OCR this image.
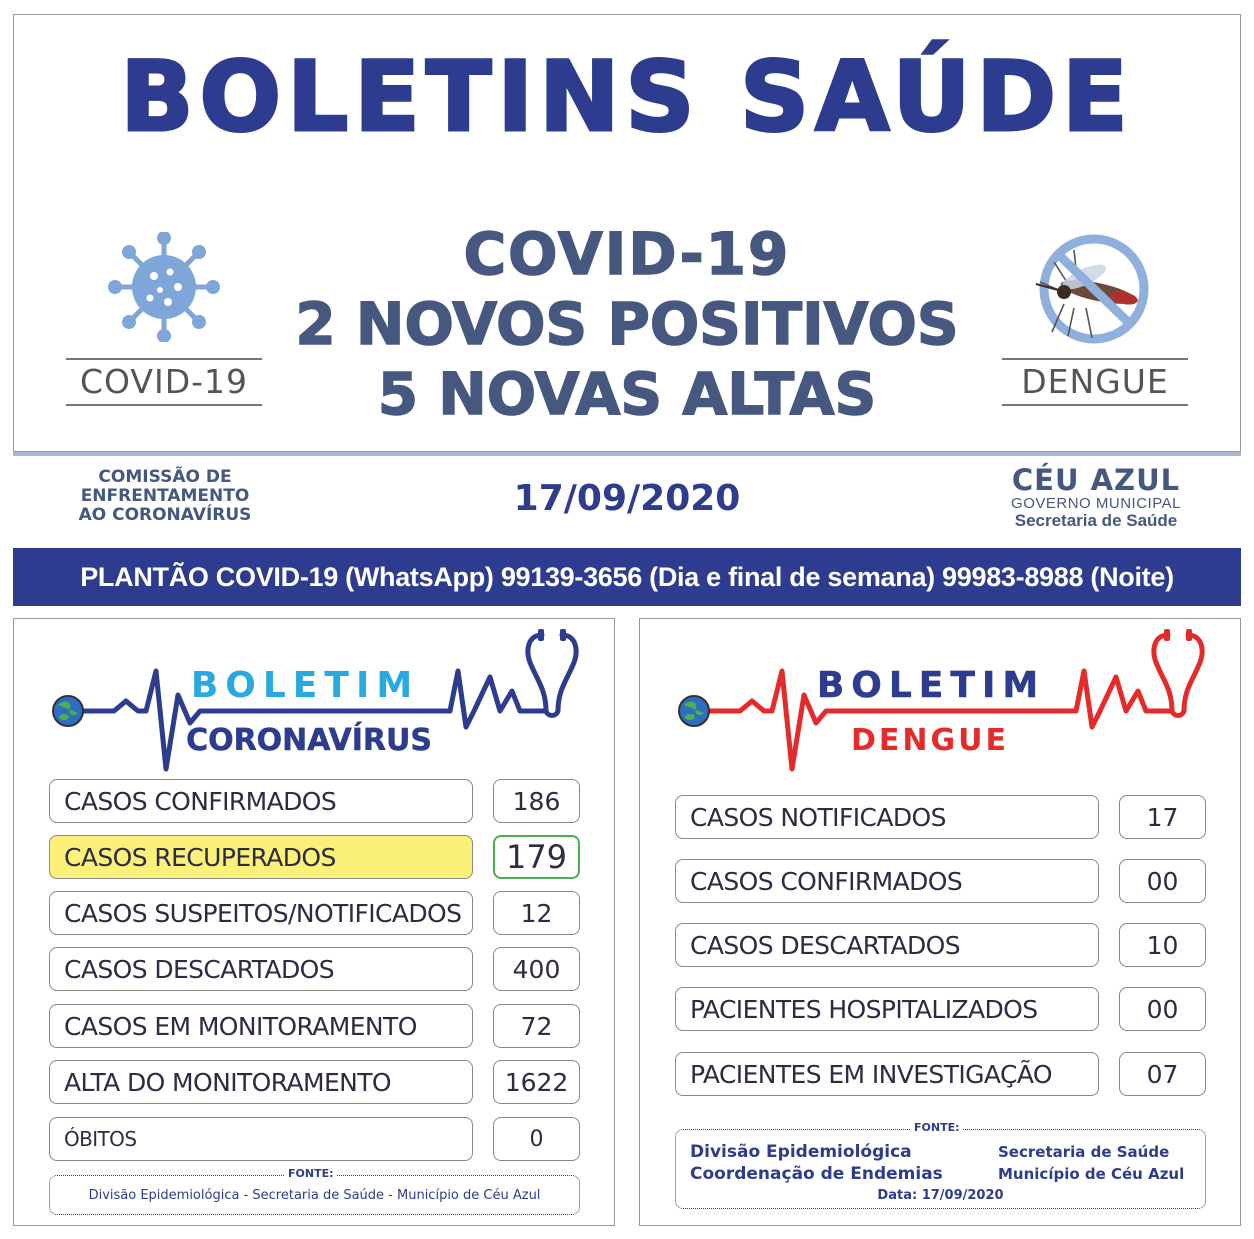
BOLETINS SAÚDE
COVID-19
COVID-19
2 NOVOS POSITIVOS
5 NOVAS ALTAS	DENGUE
COMISSÃO DE
ENFRENTAMENTO
AO CORONAVÍRUS	17/09/2020	CÉU AZUL
GOVERNO MUNICIPAL
Secretaria de Saúde
PLANTÃO COVID-19 (WhatsApp) 99139-3656 (Dia e final de semana) 99983-8988 (Noite)
BOLETIM
CORONAVÍRUS
CASOS CONFIRMADOS	186
CASOS RECUPERADOS	179
CASOS SUSPEITOS/NOTIFICADOS	12
CASOS DESCARTADOS	400
CASOS EM MONITORAMENTO	72
ALTA DO MONITORAMENTO	1622
ÓBITOS	0
FONTE:
Divisão Epidemiológica - Secretaria de Saúde - Município de Céu Azul
BOLETIM
DENGUE
CASOS NOTIFICADOS	17
CASOS CONFIRMADOS	00
CASOS DESCARTADOS	10
PACIENTES HOSPITALIZADOS	00
PACIENTES EM INVESTIGAÇÃO	07
FONTE:
Divisão Epidemiológica	Secretaria de Saúde
Coordenação de Endemias	Município de Céu Azul
Data: 17/09/2020
